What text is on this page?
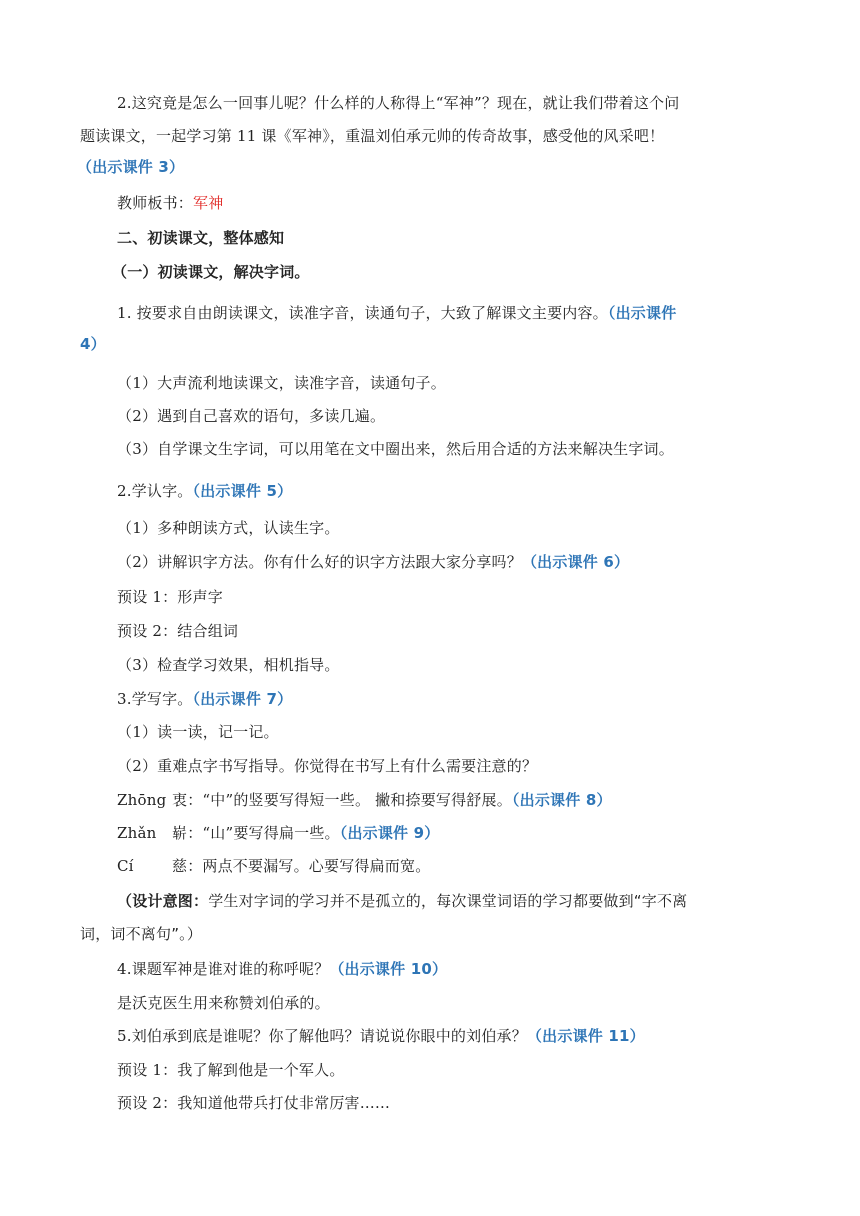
2.这究竟是怎么一回事儿呢？什么样的人称得上“军神”？现在，就让我们带着这个问
题读课文，一起学习第 11 课《军神》，重温刘伯承元帅的传奇故事，感受他的风采吧！
（出示课件 3）
教师板书：军神
二、初读课文，整体感知
（一）初读课文，解决字词。
1. 按要求自由朗读课文，读准字音，读通句子，大致了解课文主要内容。（出示课件
4）
（1）大声流利地读课文，读准字音，读通句子。
（2）遇到自己喜欢的语句，多读几遍。
（3）自学课文生字词，可以用笔在文中圈出来，然后用合适的方法来解决生字词。
2.学认字。（出示课件 5）
（1）多种朗读方式，认读生字。
（2）讲解识字方法。你有什么好的识字方法跟大家分享吗？（出示课件 6）
预设 1：形声字
预设 2：结合组词
（3）检查学习效果，相机指导。
3.学写字。（出示课件 7）
（1）读一读，记一记。
（2）重难点字书写指导。你觉得在书写上有什么需要注意的？
Zhōng 衷：“中”的竖要写得短一些。 撇和捺要写得舒展。（出示课件 8）
Zhǎn 崭：“山”要写得扁一些。（出示课件 9）
Cí	慈：两点不要漏写。心要写得扁而宽。
（设计意图：学生对字词的学习并不是孤立的，每次课堂词语的学习都要做到“字不离
词，词不离句”。）
4.课题军神是谁对谁的称呼呢？（出示课件 10）
是沃克医生用来称赞刘伯承的。
5.刘伯承到底是谁呢？你了解他吗？请说说你眼中的刘伯承？（出示课件 11）
预设 1：我了解到他是一个军人。
预设 2：我知道他带兵打仗非常厉害……
